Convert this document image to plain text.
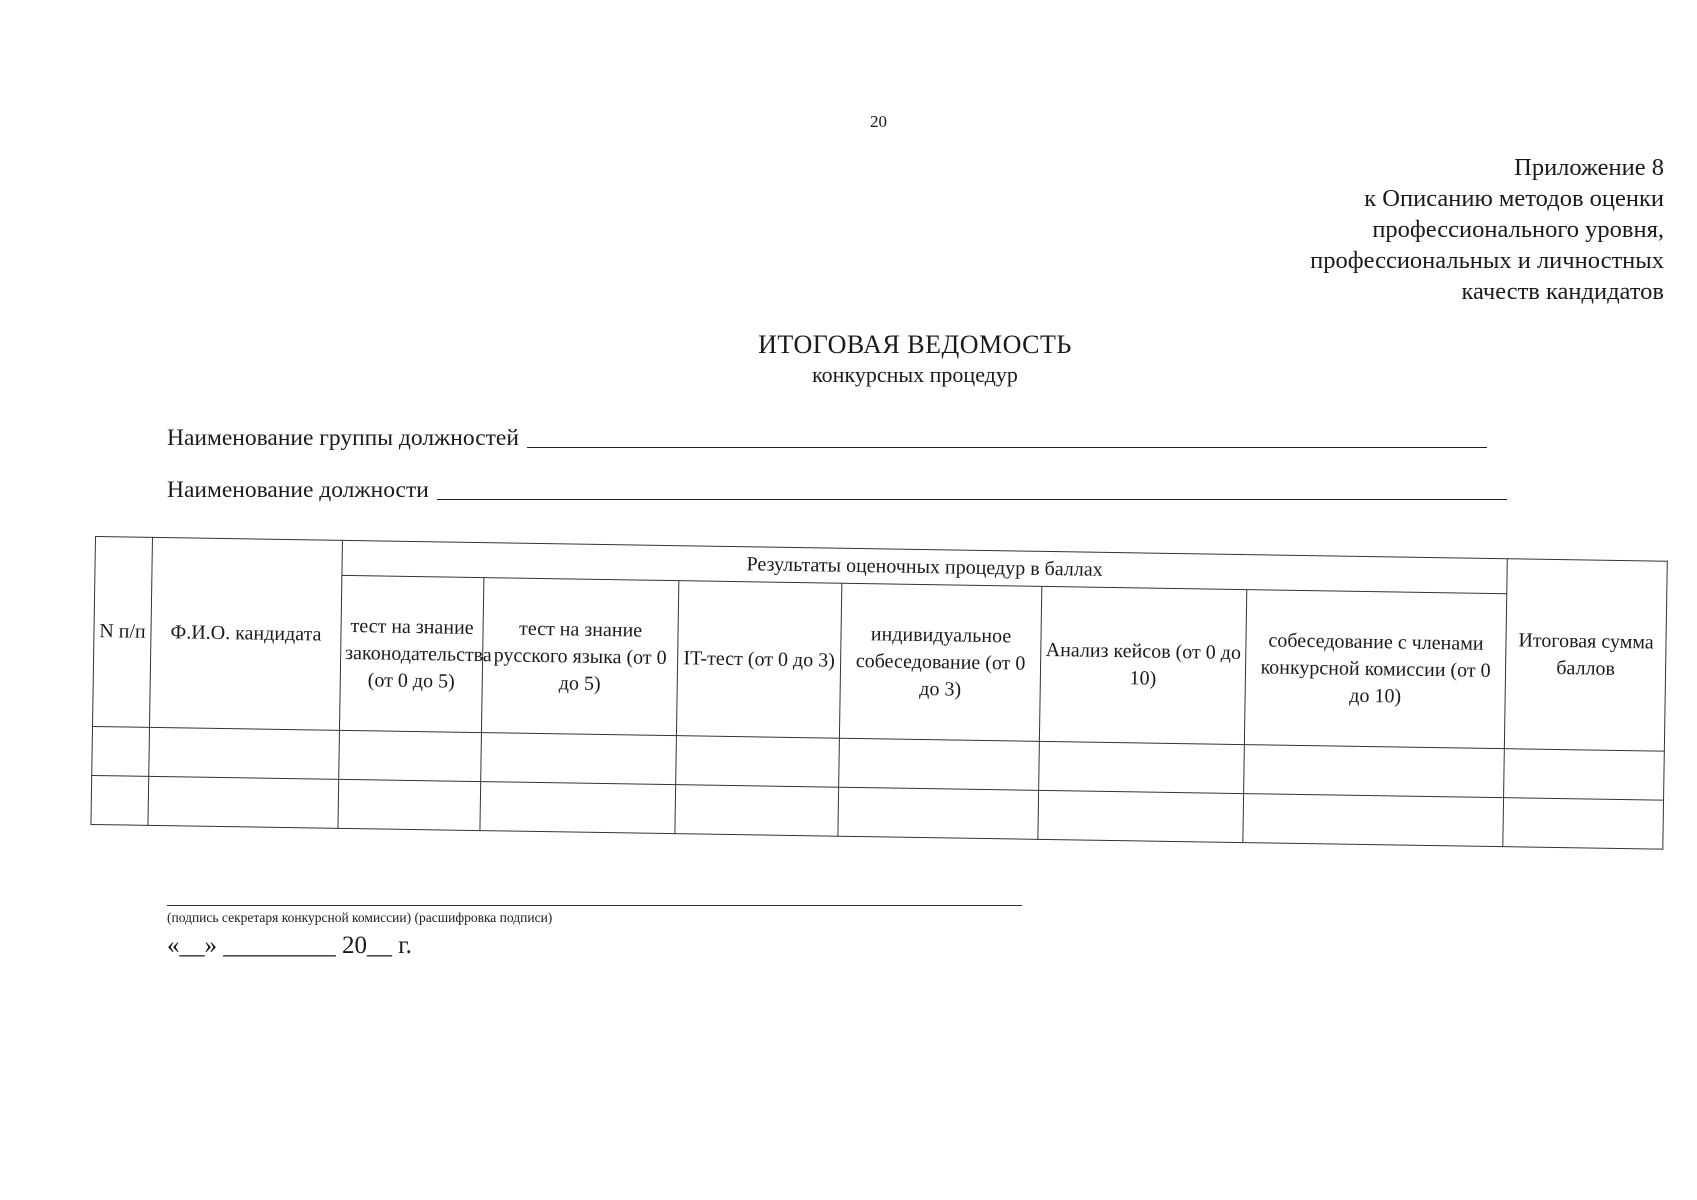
20
Приложение 8
к Описанию методов оценки
профессионального уровня,
профессиональных и личностных
качеств кандидатов
ИТОГОВАЯ ВЕДОМОСТЬ
конкурсных процедур
Наименование группы должностей
Наименование должности
N п/п	Ф.И.О. кандидата	Результаты оценочных процедур в баллах						Итоговая сумма баллов
		тест на знание законодательства (от 0 до 5)	тест на знание русского языка (от 0 до 5)	IT-тест (от 0 до 3)	индивидуальное собеседование (от 0 до 3)	Анализ кейсов (от 0 до 10)	собеседование с членами конкурсной комиссии (от 0 до 10)	

(подпись секретаря конкурсной комиссии) (расшифровка подписи)
«__» _________ 20__ г.
